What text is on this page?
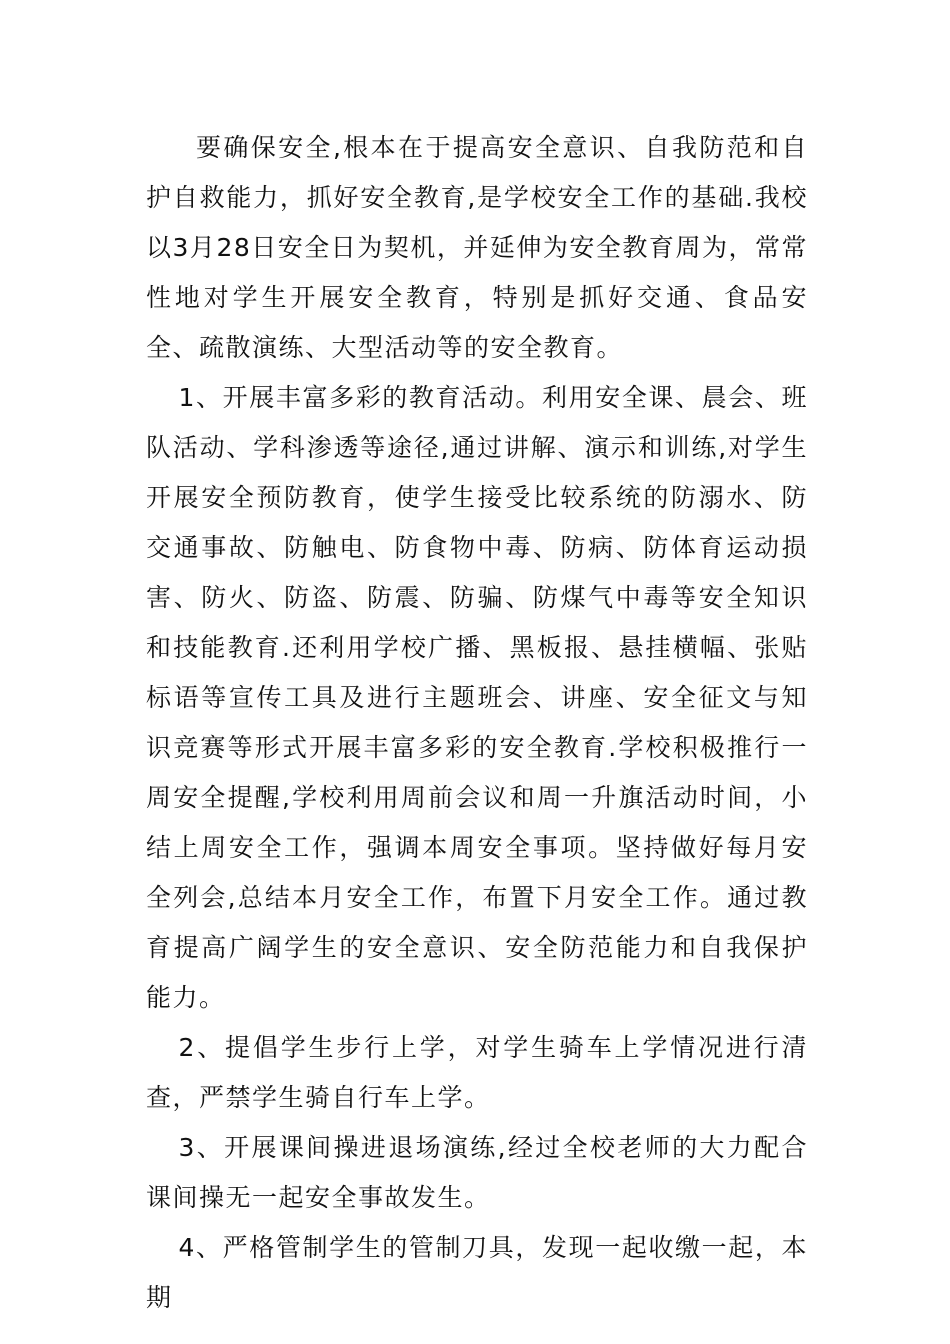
要确保安全,根本在于提高安全意识、自我防范和自护自救能力，抓好安全教育,是学校安全工作的基础.我校以3月28日安全日为契机，并延伸为安全教育周为，常常性地对学生开展安全教育，特别是抓好交通、食品安全、疏散演练、大型活动等的安全教育。

1、开展丰富多彩的教育活动。利用安全课、晨会、班队活动、学科渗透等途径,通过讲解、演示和训练,对学生开展安全预防教育，使学生接受比较系统的防溺水、防交通事故、防触电、防食物中毒、防病、防体育运动损害、防火、防盗、防震、防骗、防煤气中毒等安全知识和技能教育.还利用学校广播、黑板报、悬挂横幅、张贴标语等宣传工具及进行主题班会、讲座、安全征文与知识竞赛等形式开展丰富多彩的安全教育.学校积极推行一周安全提醒,学校利用周前会议和周一升旗活动时间，小结上周安全工作，强调本周安全事项。坚持做好每月安全列会,总结本月安全工作，布置下月安全工作。通过教育提高广阔学生的安全意识、安全防范能力和自我保护能力。

2、提倡学生步行上学，对学生骑车上学情况进行清查，严禁学生骑自行车上学。

3、开展课间操进退场演练,经过全校老师的大力配合课间操无一起安全事故发生。

4、严格管制学生的管制刀具，发现一起收缴一起，本期
